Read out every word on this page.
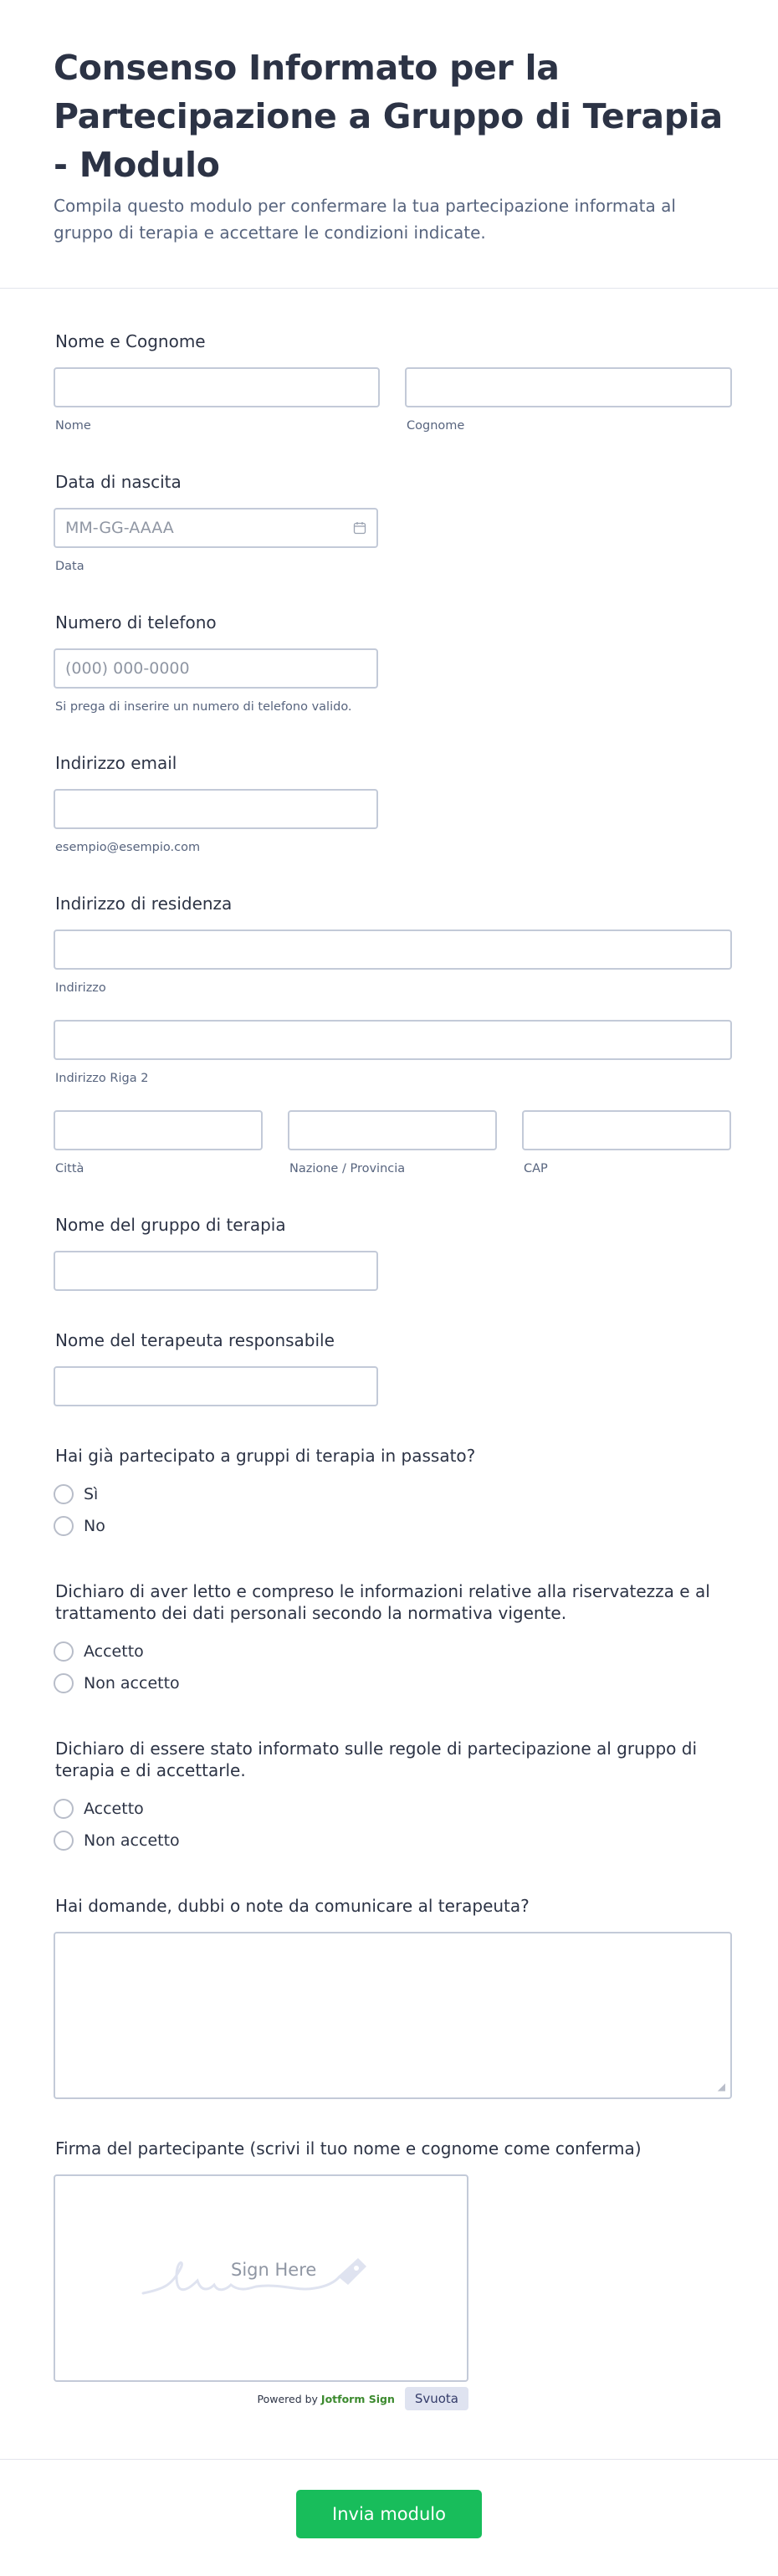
Consenso Informato per la Partecipazione a Gruppo di Terapia - Modulo
Compila questo modulo per confermare la tua partecipazione informata al gruppo di terapia e accettare le condizioni indicate.
Nome e Cognome
Nome	Cognome
Data di nascita
MM-GG-AAAA
Data
Numero di telefono
(000) 000-0000
Si prega di inserire un numero di telefono valido.
Indirizzo email
esempio@esempio.com
Indirizzo di residenza
Indirizzo
Indirizzo Riga 2
Città	Nazione / Provincia	CAP
Nome del gruppo di terapia
Nome del terapeuta responsabile
Hai già partecipato a gruppi di terapia in passato?
Sì
No
Dichiaro di aver letto e compreso le informazioni relative alla riservatezza e al trattamento dei dati personali secondo la normativa vigente.
Accetto
Non accetto
Dichiaro di essere stato informato sulle regole di partecipazione al gruppo di terapia e di accettarle.
Accetto
Non accetto
Hai domande, dubbi o note da comunicare al terapeuta?
◢
Firma del partecipante (scrivi il tuo nome e cognome come conferma)
Sign Here
Powered by Jotform Sign	Svuota
Invia modulo
